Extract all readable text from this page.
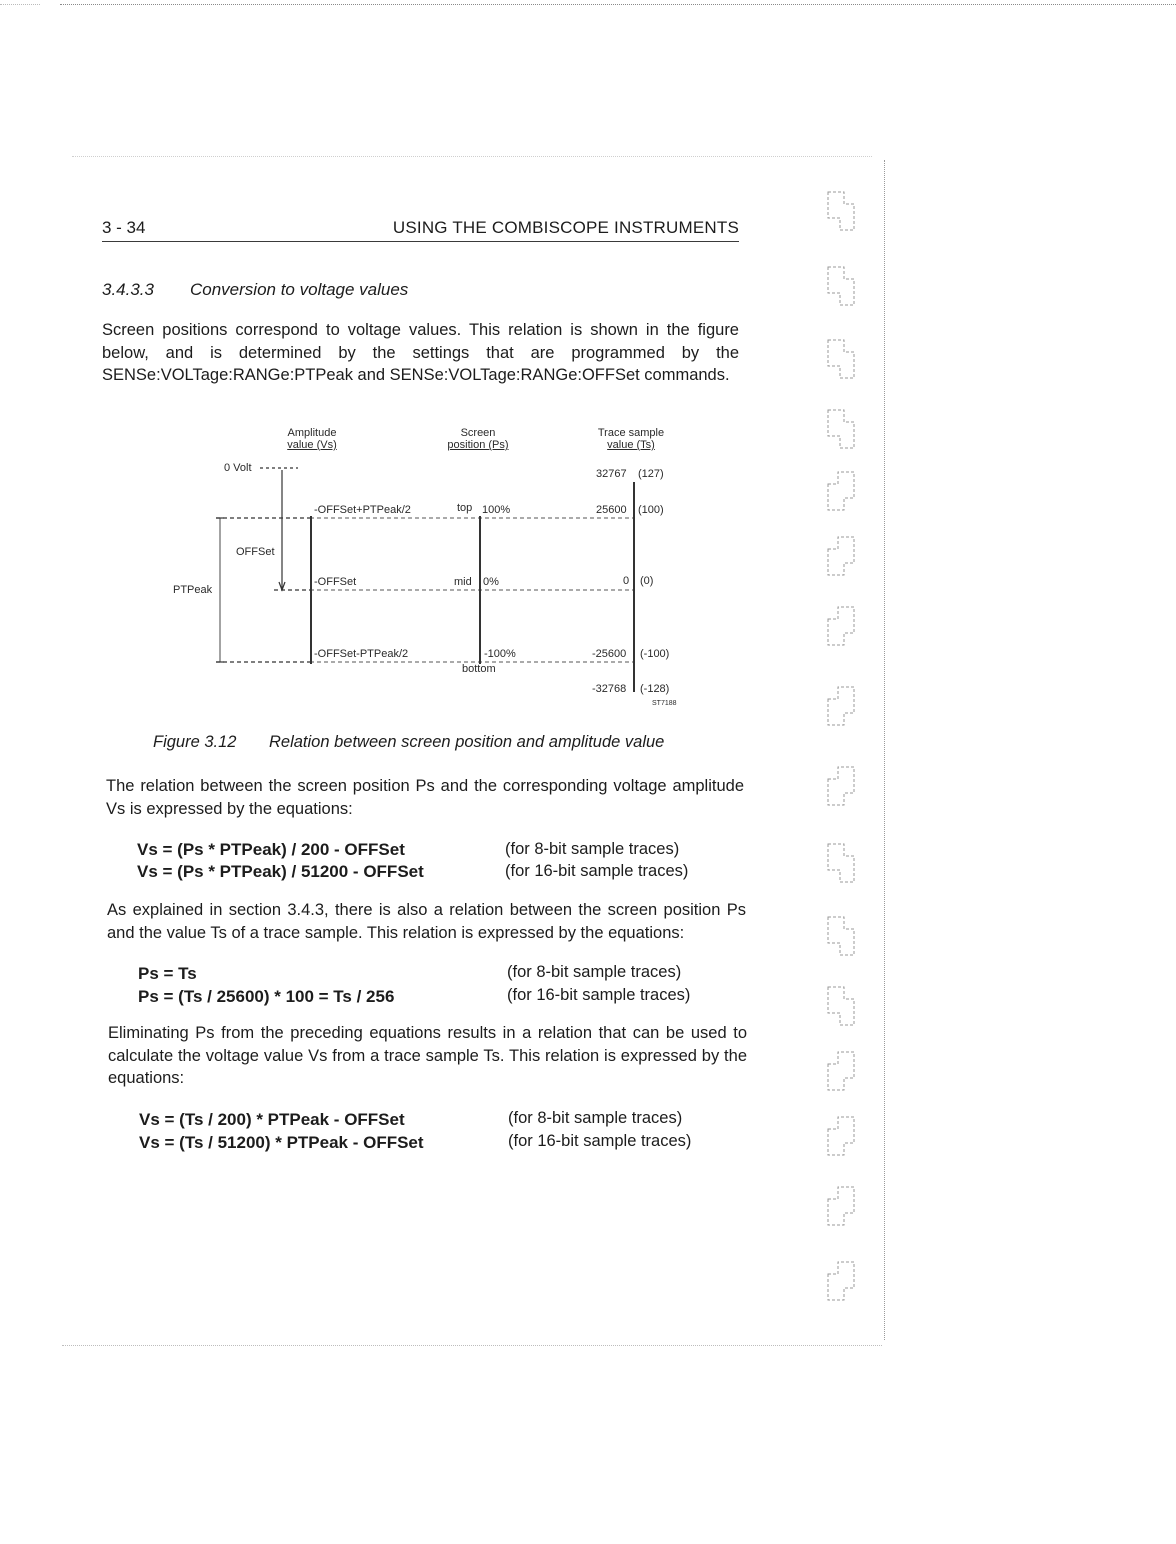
3 - 34	USING THE COMBISCOPE INSTRUMENTS
3.4.3.3 Conversion to voltage values
Screen positions correspond to voltage values. This relation is shown in the figure below, and is determined by the settings that are programmed by the SENSe:VOLTage:RANGe:PTPeak and SENSe:VOLTage:RANGe:OFFSet commands.
Amplitude
value (Vs)
Screen
position (Ps)
Trace sample
value (Ts)
0 Volt
OFFSet
PTPeak
-OFFSet+PTPeak/2
-OFFSet
-OFFSet-PTPeak/2
top 100%
mid 0%
-100%
bottom
32767 (127)
25600 (100)
0 (0)
-25600 (-100)
-32768 (-128)
ST7188
Figure 3.12 Relation between screen position and amplitude value
The relation between the screen position Ps and the corresponding voltage amplitude Vs is expressed by the equations:
Vs = (Ps * PTPeak) / 200 - OFFSet	(for 8-bit sample traces)
Vs = (Ps * PTPeak) / 51200 - OFFSet	(for 16-bit sample traces)
As explained in section 3.4.3, there is also a relation between the screen position Ps and the value Ts of a trace sample. This relation is expressed by the equations:
Ps = Ts	(for 8-bit sample traces)
Ps = (Ts / 25600) * 100 = Ts / 256	(for 16-bit sample traces)
Eliminating Ps from the preceding equations results in a relation that can be used to calculate the voltage value Vs from a trace sample Ts. This relation is expressed by the equations:
Vs = (Ts / 200) * PTPeak - OFFSet	(for 8-bit sample traces)
Vs = (Ts / 51200) * PTPeak - OFFSet	(for 16-bit sample traces)
